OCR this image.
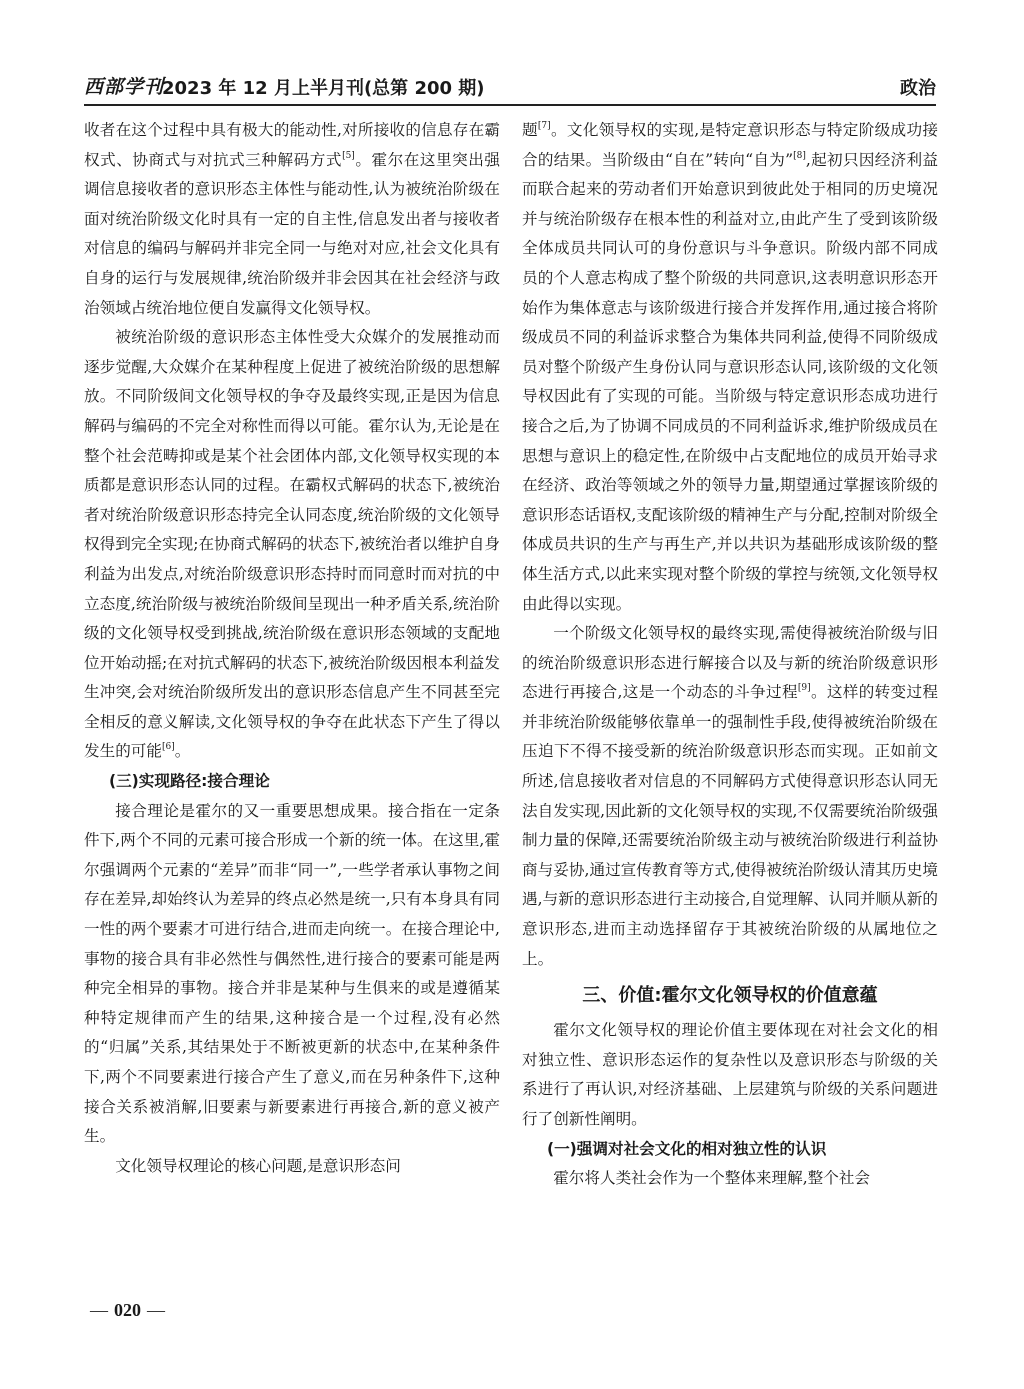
西部学刊
2023 年 12 月上半月刊(总第 200 期)	政治

收者在这个过程中具有极大的能动性,对所接收的信息存在霸权式、协商式与对抗式三种解码方式[5]。霍尔在这里突出强调信息接收者的意识形态主体性与能动性,认为被统治阶级在面对统治阶级文化时具有一定的自主性,信息发出者与接收者对信息的编码与解码并非完全同一与绝对对应,社会文化具有自身的运行与发展规律,统治阶级并非会因其在社会经济与政治领域占统治地位便自发赢得文化领导权。

被统治阶级的意识形态主体性受大众媒介的发展推动而逐步觉醒,大众媒介在某种程度上促进了被统治阶级的思想解放。不同阶级间文化领导权的争夺及最终实现,正是因为信息解码与编码的不完全对称性而得以可能。霍尔认为,无论是在整个社会范畴抑或是某个社会团体内部,文化领导权实现的本质都是意识形态认同的过程。在霸权式解码的状态下,被统治者对统治阶级意识形态持完全认同态度,统治阶级的文化领导权得到完全实现;在协商式解码的状态下,被统治者以维护自身利益为出发点,对统治阶级意识形态持时而同意时而对抗的中立态度,统治阶级与被统治阶级间呈现出一种矛盾关系,统治阶级的文化领导权受到挑战,统治阶级在意识形态领域的支配地位开始动摇;在对抗式解码的状态下,被统治阶级因根本利益发生冲突,会对统治阶级所发出的意识形态信息产生不同甚至完全相反的意义解读,文化领导权的争夺在此状态下产生了得以发生的可能[6]。

(三)实现路径:接合理论

接合理论是霍尔的又一重要思想成果。接合指在一定条件下,两个不同的元素可接合形成一个新的统一体。在这里,霍尔强调两个元素的“差异”而非“同一”,一些学者承认事物之间存在差异,却始终认为差异的终点必然是统一,只有本身具有同一性的两个要素才可进行结合,进而走向统一。在接合理论中,事物的接合具有非必然性与偶然性,进行接合的要素可能是两种完全相异的事物。接合并非是某种与生俱来的或是遵循某种特定规律而产生的结果,这种接合是一个过程,没有必然的“归属”关系,其结果处于不断被更新的状态中,在某种条件下,两个不同要素进行接合产生了意义,而在另种条件下,这种接合关系被消解,旧要素与新要素进行再接合,新的意义被产生。

文化领导权理论的核心问题,是意识形态问

题[7]。文化领导权的实现,是特定意识形态与特定阶级成功接合的结果。当阶级由“自在”转向“自为”[8],起初只因经济利益而联合起来的劳动者们开始意识到彼此处于相同的历史境况并与统治阶级存在根本性的利益对立,由此产生了受到该阶级全体成员共同认可的身份意识与斗争意识。阶级内部不同成员的个人意志构成了整个阶级的共同意识,这表明意识形态开始作为集体意志与该阶级进行接合并发挥作用,通过接合将阶级成员不同的利益诉求整合为集体共同利益,使得不同阶级成员对整个阶级产生身份认同与意识形态认同,该阶级的文化领导权因此有了实现的可能。当阶级与特定意识形态成功进行接合之后,为了协调不同成员的不同利益诉求,维护阶级成员在思想与意识上的稳定性,在阶级中占支配地位的成员开始寻求在经济、政治等领域之外的领导力量,期望通过掌握该阶级的意识形态话语权,支配该阶级的精神生产与分配,控制对阶级全体成员共识的生产与再生产,并以共识为基础形成该阶级的整体生活方式,以此来实现对整个阶级的掌控与统领,文化领导权由此得以实现。

一个阶级文化领导权的最终实现,需使得被统治阶级与旧的统治阶级意识形态进行解接合以及与新的统治阶级意识形态进行再接合,这是一个动态的斗争过程[9]。这样的转变过程并非统治阶级能够依靠单一的强制性手段,使得被统治阶级在压迫下不得不接受新的统治阶级意识形态而实现。正如前文所述,信息接收者对信息的不同解码方式使得意识形态认同无法自发实现,因此新的文化领导权的实现,不仅需要统治阶级强制力量的保障,还需要统治阶级主动与被统治阶级进行利益协商与妥协,通过宣传教育等方式,使得被统治阶级认清其历史境遇,与新的意识形态进行主动接合,自觉理解、认同并顺从新的意识形态,进而主动选择留存于其被统治阶级的从属地位之上。

三、价值:霍尔文化领导权的价值意蕴

霍尔文化领导权的理论价值主要体现在对社会文化的相对独立性、意识形态运作的复杂性以及意识形态与阶级的关系进行了再认识,对经济基础、上层建筑与阶级的关系问题进行了创新性阐明。

(一)强调对社会文化的相对独立性的认识

霍尔将人类社会作为一个整体来理解,整个社会

— 020 —
